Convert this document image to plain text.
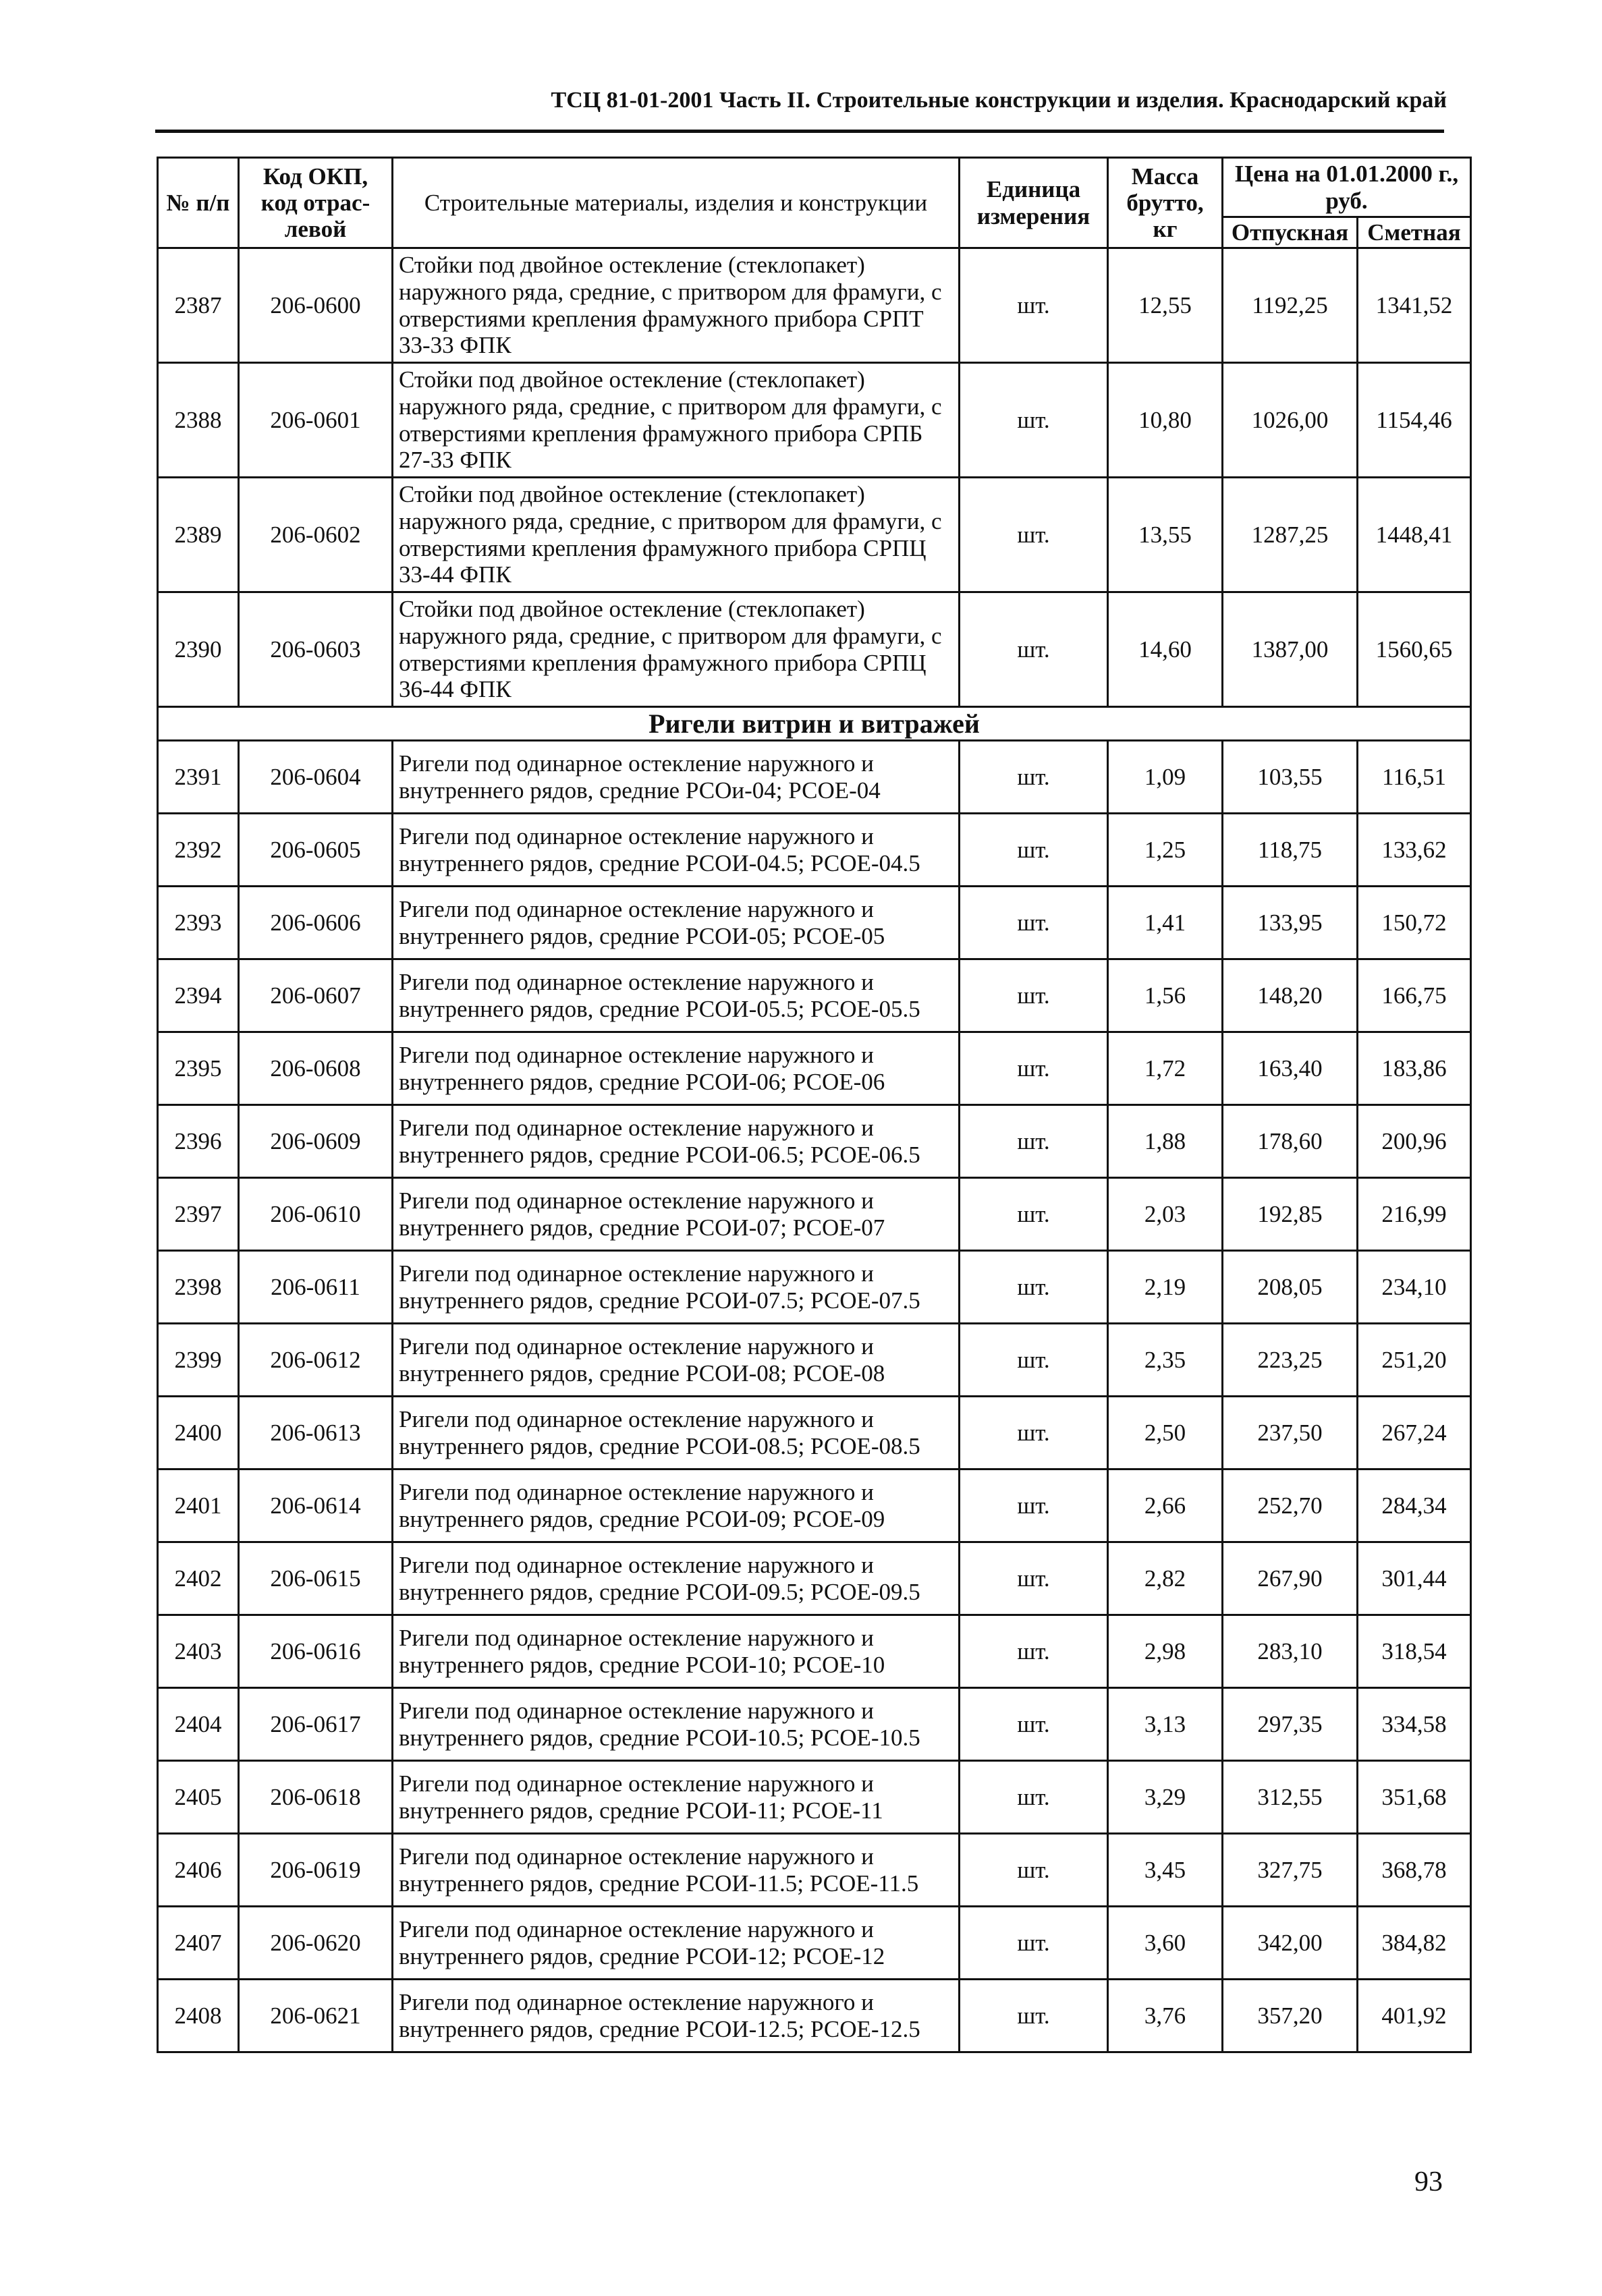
ТСЦ 81-01-2001 Часть II. Строительные конструкции и изделия. Краснодарский край
№ п/п	Код ОКП, код отрас-левой	Строительные материалы, изделия и конструкции	Единица измерения	Масса брутто, кг	Цена на 01.01.2000 г., руб.	
					Отпускная	Сметная
2387	206-0600	Стойки под двойное остекление (стеклопакет) наружного ряда, средние, с притвором для фрамуги, с отверстиями крепления фрамужного прибора СРПТ 33-33 ФПК	шт.	12,55	1192,25	1341,52
2388	206-0601	Стойки под двойное остекление (стеклопакет) наружного ряда, средние, с притвором для фрамуги, с отверстиями крепления фрамужного прибора СРПБ 27-33 ФПК	шт.	10,80	1026,00	1154,46
2389	206-0602	Стойки под двойное остекление (стеклопакет) наружного ряда, средние, с притвором для фрамуги, с отверстиями крепления фрамужного прибора СРПЦ 33-44 ФПК	шт.	13,55	1287,25	1448,41
2390	206-0603	Стойки под двойное остекление (стеклопакет) наружного ряда, средние, с притвором для фрамуги, с отверстиями крепления фрамужного прибора СРПЦ 36-44 ФПК	шт.	14,60	1387,00	1560,65
Ригели витрин и витражей						
2391	206-0604	Ригели под одинарное остекление наружного и внутреннего рядов, средние РСОи-04; РСОЕ-04	шт.	1,09	103,55	116,51
2392	206-0605	Ригели под одинарное остекление наружного и внутреннего рядов, средние РСОИ-04.5; РСОЕ-04.5	шт.	1,25	118,75	133,62
2393	206-0606	Ригели под одинарное остекление наружного и внутреннего рядов, средние РСОИ-05; РСОЕ-05	шт.	1,41	133,95	150,72
2394	206-0607	Ригели под одинарное остекление наружного и внутреннего рядов, средние РСОИ-05.5; РСОЕ-05.5	шт.	1,56	148,20	166,75
2395	206-0608	Ригели под одинарное остекление наружного и внутреннего рядов, средние РСОИ-06; РСОЕ-06	шт.	1,72	163,40	183,86
2396	206-0609	Ригели под одинарное остекление наружного и внутреннего рядов, средние РСОИ-06.5; РСОЕ-06.5	шт.	1,88	178,60	200,96
2397	206-0610	Ригели под одинарное остекление наружного и внутреннего рядов, средние РСОИ-07; РСОЕ-07	шт.	2,03	192,85	216,99
2398	206-0611	Ригели под одинарное остекление наружного и внутреннего рядов, средние РСОИ-07.5; РСОЕ-07.5	шт.	2,19	208,05	234,10
2399	206-0612	Ригели под одинарное остекление наружного и внутреннего рядов, средние РСОИ-08; РСОЕ-08	шт.	2,35	223,25	251,20
2400	206-0613	Ригели под одинарное остекление наружного и внутреннего рядов, средние РСОИ-08.5; РСОЕ-08.5	шт.	2,50	237,50	267,24
2401	206-0614	Ригели под одинарное остекление наружного и внутреннего рядов, средние РСОИ-09; РСОЕ-09	шт.	2,66	252,70	284,34
2402	206-0615	Ригели под одинарное остекление наружного и внутреннего рядов, средние РСОИ-09.5; РСОЕ-09.5	шт.	2,82	267,90	301,44
2403	206-0616	Ригели под одинарное остекление наружного и внутреннего рядов, средние РСОИ-10; РСОЕ-10	шт.	2,98	283,10	318,54
2404	206-0617	Ригели под одинарное остекление наружного и внутреннего рядов, средние РСОИ-10.5; РСОЕ-10.5	шт.	3,13	297,35	334,58
2405	206-0618	Ригели под одинарное остекление наружного и внутреннего рядов, средние РСОИ-11; РСОЕ-11	шт.	3,29	312,55	351,68
2406	206-0619	Ригели под одинарное остекление наружного и внутреннего рядов, средние РСОИ-11.5; РСОЕ-11.5	шт.	3,45	327,75	368,78
2407	206-0620	Ригели под одинарное остекление наружного и внутреннего рядов, средние РСОИ-12; РСОЕ-12	шт.	3,60	342,00	384,82
2408	206-0621	Ригели под одинарное остекление наружного и внутреннего рядов, средние РСОИ-12.5; РСОЕ-12.5	шт.	3,76	357,20	401,92
93
